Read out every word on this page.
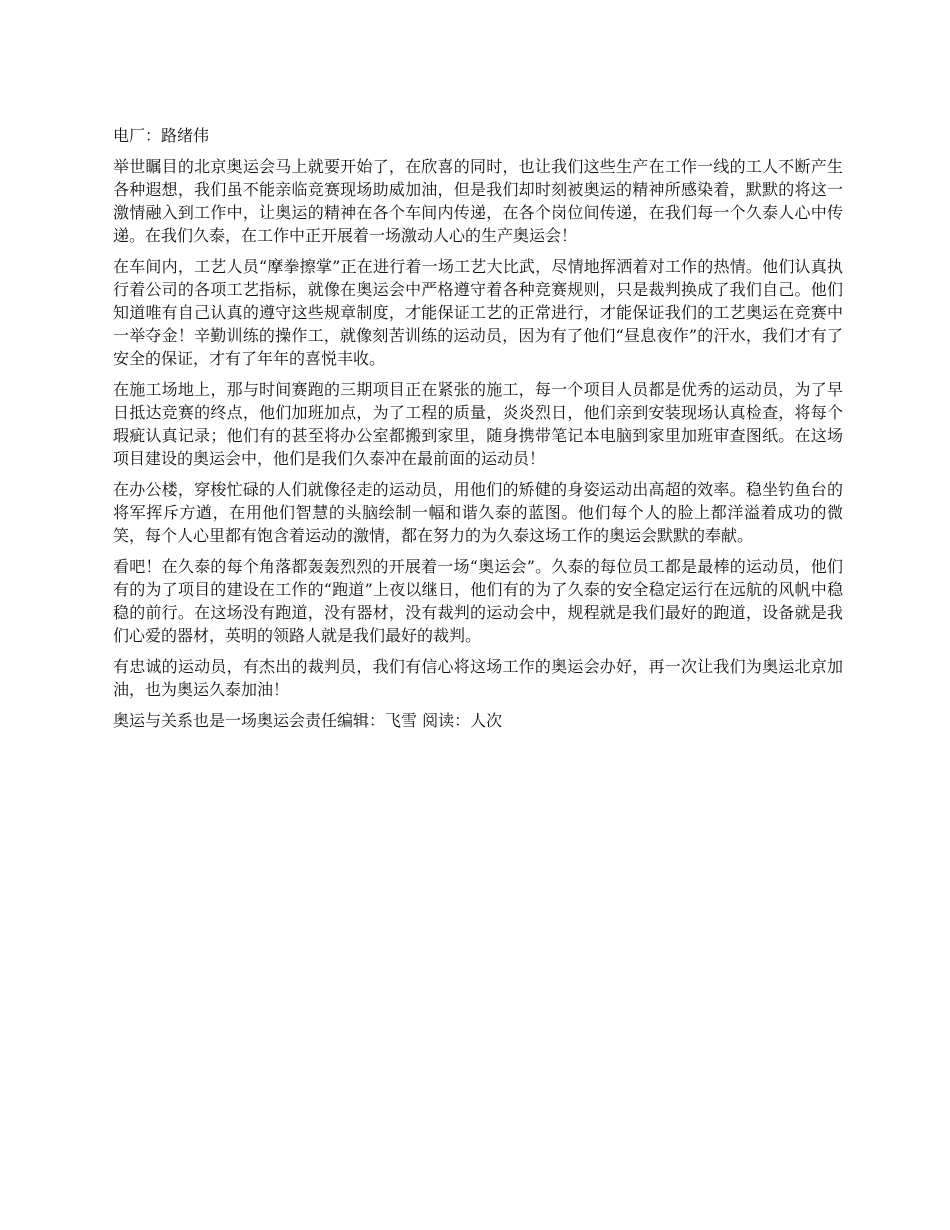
电厂：路绪伟

举世瞩目的北京奥运会马上就要开始了，在欣喜的同时，也让我们这些生产在工作一线的工人不断产生各种遐想，我们虽不能亲临竞赛现场助威加油，但是我们却时刻被奥运的精神所感染着，默默的将这一激情融入到工作中，让奥运的精神在各个车间内传递，在各个岗位间传递，在我们每一个久泰人心中传递。在我们久泰，在工作中正开展着一场激动人心的生产奥运会！

在车间内，工艺人员“摩拳擦掌”正在进行着一场工艺大比武，尽情地挥洒着对工作的热情。他们认真执行着公司的各项工艺指标，就像在奥运会中严格遵守着各种竞赛规则，只是裁判换成了我们自己。他们知道唯有自己认真的遵守这些规章制度，才能保证工艺的正常进行，才能保证我们的工艺奥运在竞赛中一举夺金！辛勤训练的操作工，就像刻苦训练的运动员，因为有了他们“昼息夜作”的汗水，我们才有了安全的保证，才有了年年的喜悦丰收。

在施工场地上，那与时间赛跑的三期项目正在紧张的施工，每一个项目人员都是优秀的运动员，为了早日抵达竞赛的终点，他们加班加点，为了工程的质量，炎炎烈日，他们亲到安装现场认真检查，将每个瑕疵认真记录；他们有的甚至将办公室都搬到家里，随身携带笔记本电脑到家里加班审查图纸。在这场项目建设的奥运会中，他们是我们久泰冲在最前面的运动员！

在办公楼，穿梭忙碌的人们就像径走的运动员，用他们的矫健的身姿运动出高超的效率。稳坐钓鱼台的将军挥斥方遒，在用他们智慧的头脑绘制一幅和谐久泰的蓝图。他们每个人的脸上都洋溢着成功的微笑，每个人心里都有饱含着运动的激情，都在努力的为久泰这场工作的奥运会默默的奉献。

看吧！在久泰的每个角落都轰轰烈烈的开展着一场“奥运会”。久泰的每位员工都是最棒的运动员，他们有的为了项目的建设在工作的“跑道”上夜以继日，他们有的为了久泰的安全稳定运行在远航的风帆中稳稳的前行。在这场没有跑道，没有器材，没有裁判的运动会中，规程就是我们最好的跑道，设备就是我们心爱的器材，英明的领路人就是我们最好的裁判。

有忠诚的运动员，有杰出的裁判员，我们有信心将这场工作的奥运会办好，再一次让我们为奥运北京加油，也为奥运久泰加油！

奥运与关系也是一场奥运会责任编辑：飞雪 阅读：人次
